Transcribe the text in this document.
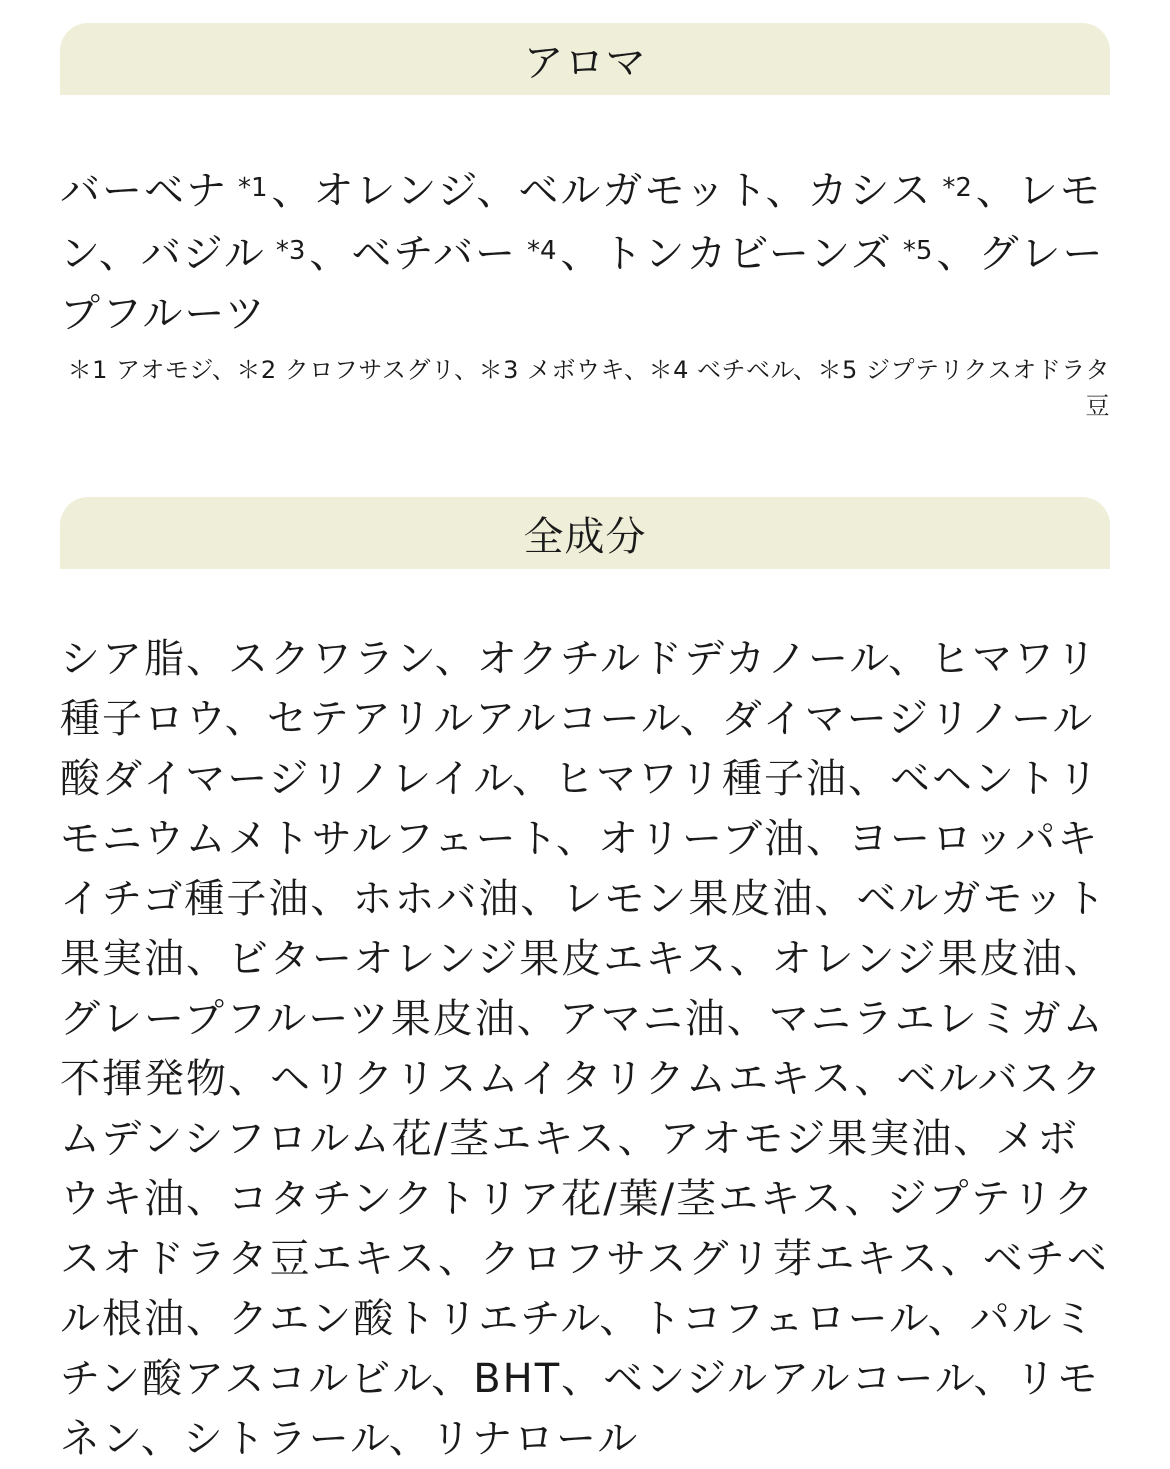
アロマ
バーベナ $^{*1}$ 、オレンジ、ベルガモット、カシス $^{*2}$ 、レモン、バジル $^{*3}$ 、ベチバー $^{*4}$ 、トンカビーンズ $^{*5}$ 、グレープフルーツ
＊1 アオモジ、＊2 クロフサスグリ、＊3 メボウキ、＊4 ベチベル、＊5 ジプテリクスオドラタ豆
全成分
シア脂、スクワラン、オクチルドデカノール、ヒマワリ種子ロウ、セテアリルアルコール、ダイマージリノール酸ダイマージリノレイル、ヒマワリ種子油、ベヘントリモニウムメトサルフェート、オリーブ油、ヨーロッパキイチゴ種子油、ホホバ油、レモン果皮油、ベルガモット果実油、ビターオレンジ果皮エキス、オレンジ果皮油、グレープフルーツ果皮油、アマニ油、マニラエレミガム不揮発物、ヘリクリスムイタリクムエキス、ベルバスクムデンシフロルム花/茎エキス、アオモジ果実油、メボウキ油、コタチンクトリア花/葉/茎エキス、ジプテリクスオドラタ豆エキス、クロフサスグリ芽エキス、ベチベル根油、クエン酸トリエチル、トコフェロール、パルミチン酸アスコルビル、BHT、ベンジルアルコール、リモネン、シトラール、リナロール
